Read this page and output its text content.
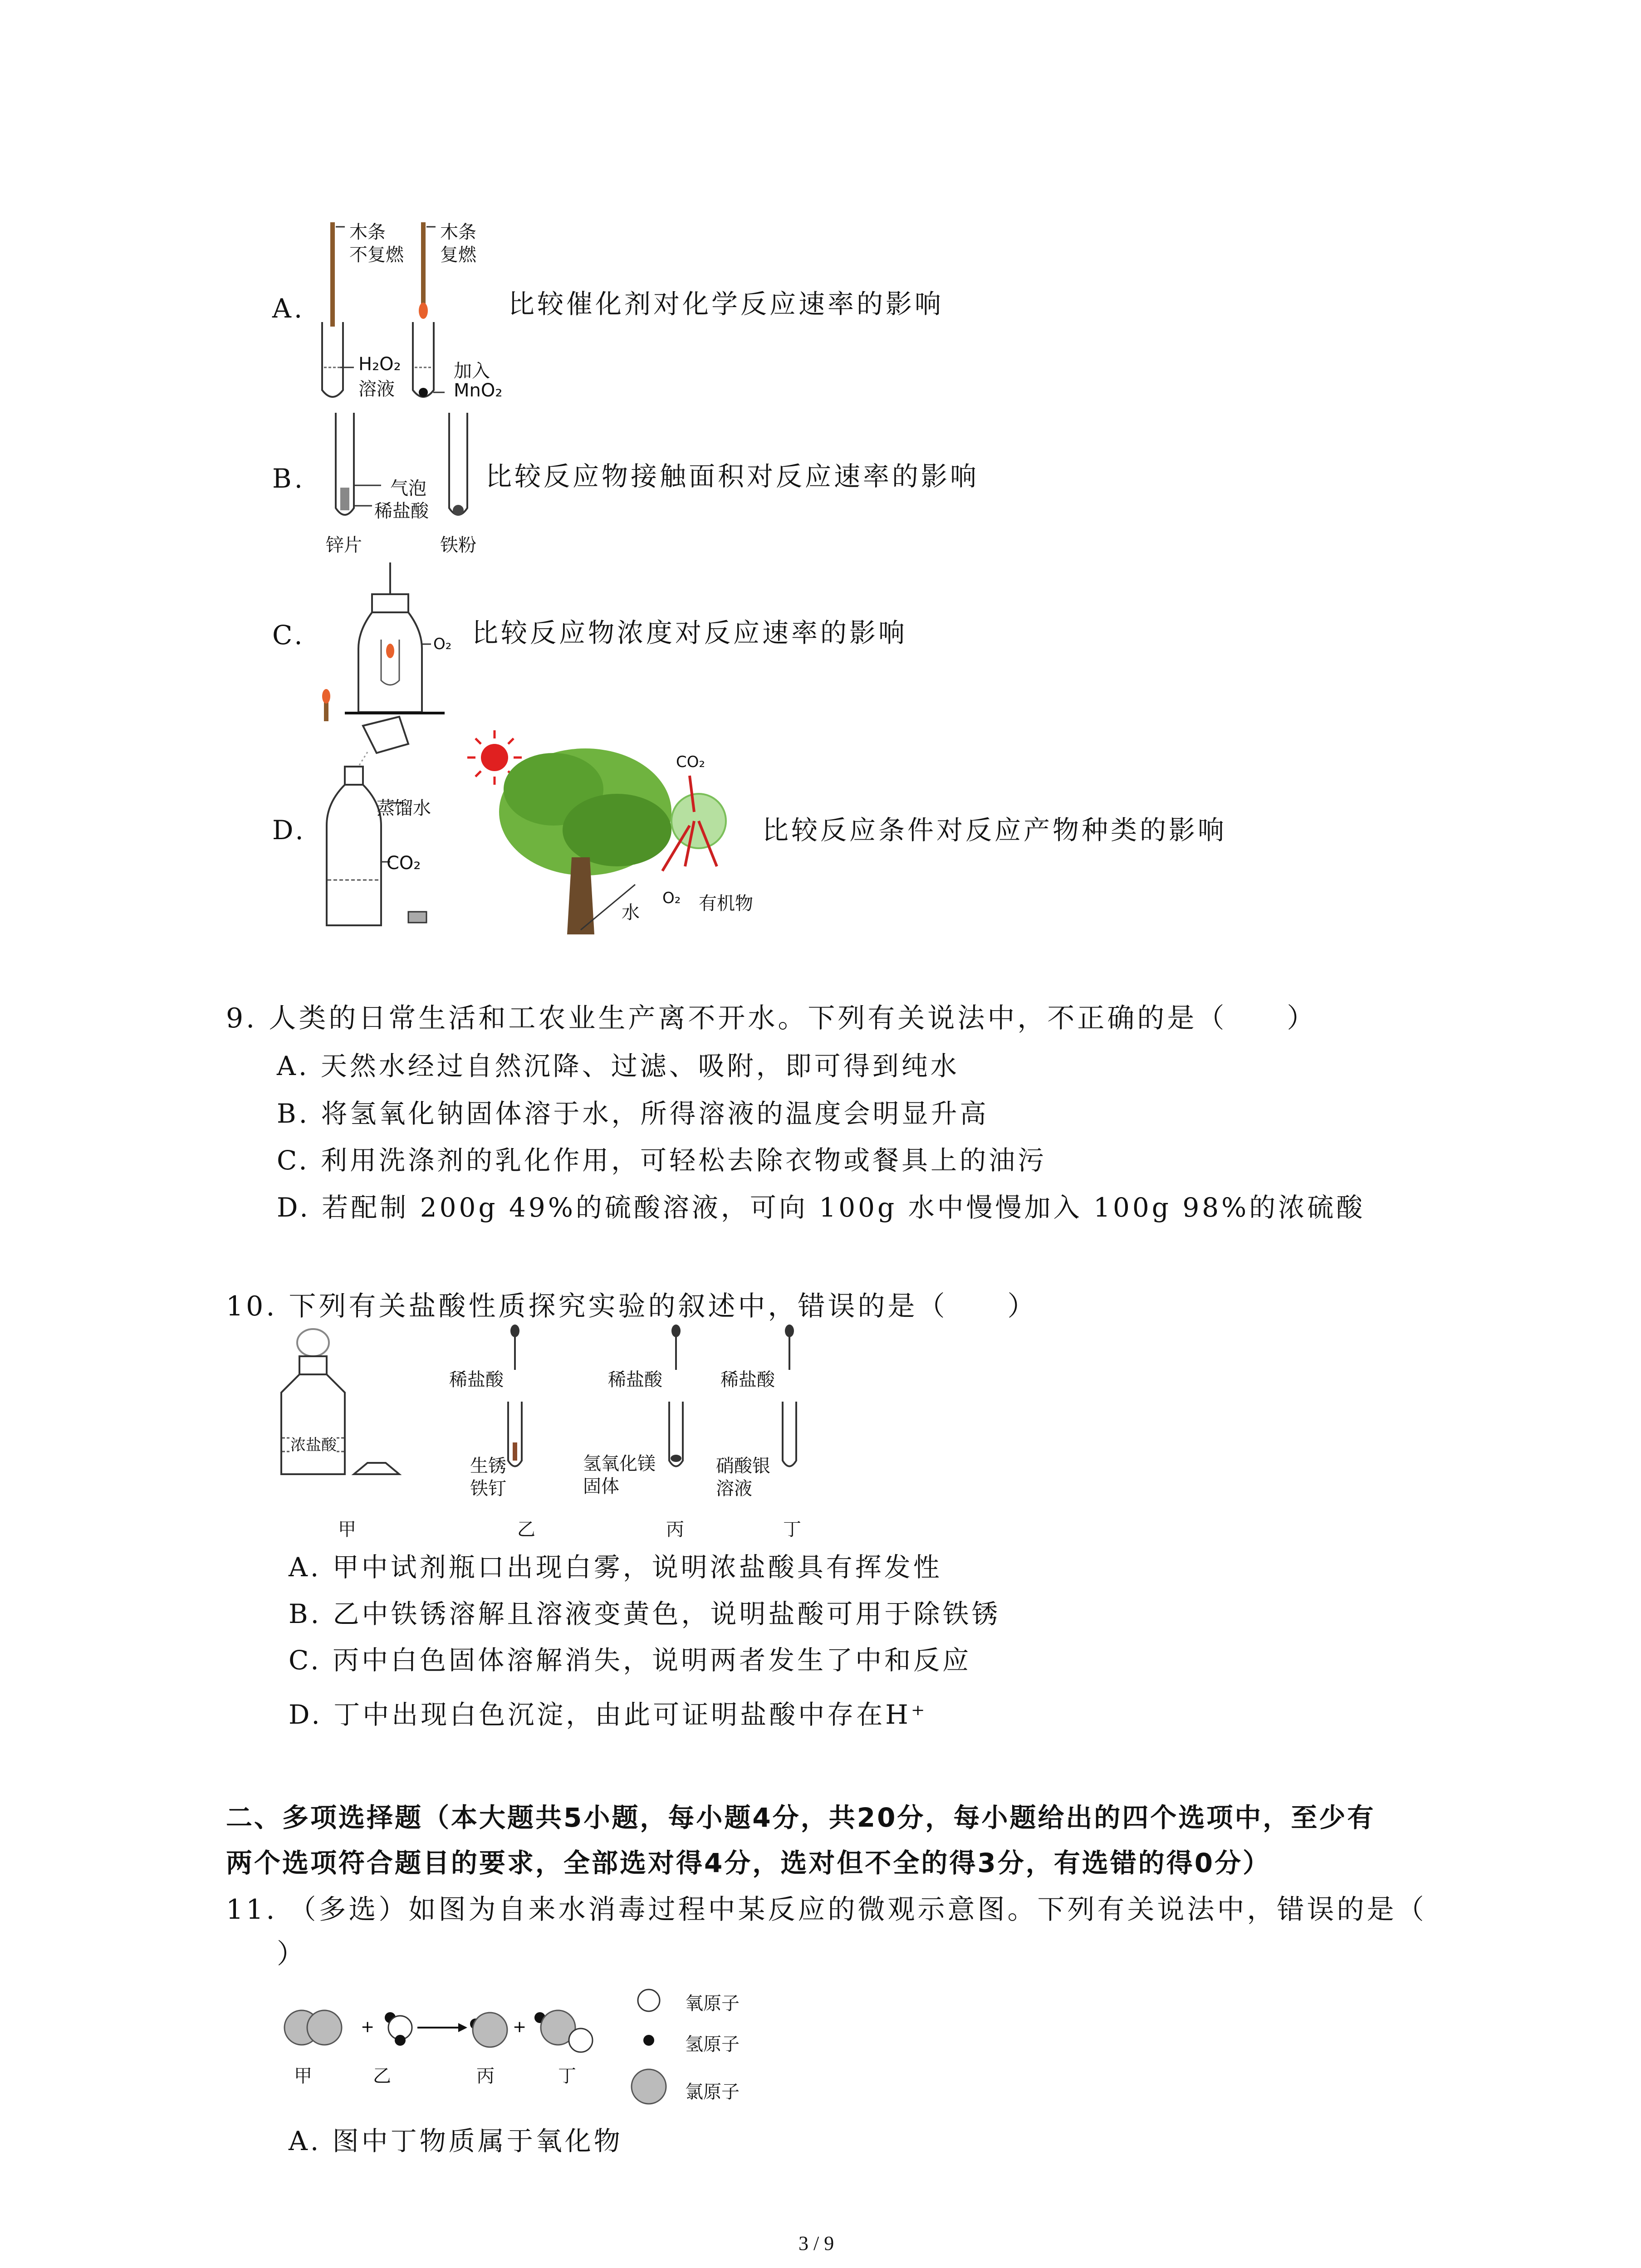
A.
木条
不复燃
木条
复燃
H₂O₂
溶液
加入
MnO₂
比较催化剂对化学反应速率的影响
B.	气泡
稀盐酸
锌片	铁粉
比较反应物接触面积对反应速率的影响
C.	O₂ 比较反应物浓度对反应速率的影响
D.
蒸馏水
CO₂
CO₂
O₂ 有机物
水
比较反应条件对反应产物种类的影响
9. 人类的日常生活和工农业生产离不开水。下列有关说法中，不正确的是（　　）
A. 天然水经过自然沉降、过滤、吸附，即可得到纯水
B. 将氢氧化钠固体溶于水，所得溶液的温度会明显升高
C. 利用洗涤剂的乳化作用，可轻松去除衣物或餐具上的油污
D. 若配制 200g 49%的硫酸溶液，可向 100g 水中慢慢加入 100g 98%的浓硫酸
10. 下列有关盐酸性质探究实验的叙述中，错误的是（　　）
浓盐酸
稀盐酸	稀盐酸	稀盐酸
生锈
铁钉
氢氧化镁
固体
硝酸银
溶液
甲	乙	丙	丁
A. 甲中试剂瓶口出现白雾，说明浓盐酸具有挥发性
B. 乙中铁锈溶解且溶液变黄色，说明盐酸可用于除铁锈
C. 丙中白色固体溶解消失，说明两者发生了中和反应
D. 丁中出现白色沉淀，由此可证明盐酸中存在H⁺
二、多项选择题（本大题共5小题，每小题4分，共20分，每小题给出的四个选项中，至少有
两个选项符合题目的要求，全部选对得4分，选对但不全的得3分，有选错的得0分）
11. （多选）如图为自来水消毒过程中某反应的微观示意图。下列有关说法中，错误的是（
）
+	+
甲	乙	丙	丁
氧原子
氢原子
氯原子
A. 图中丁物质属于氧化物
3 / 9
